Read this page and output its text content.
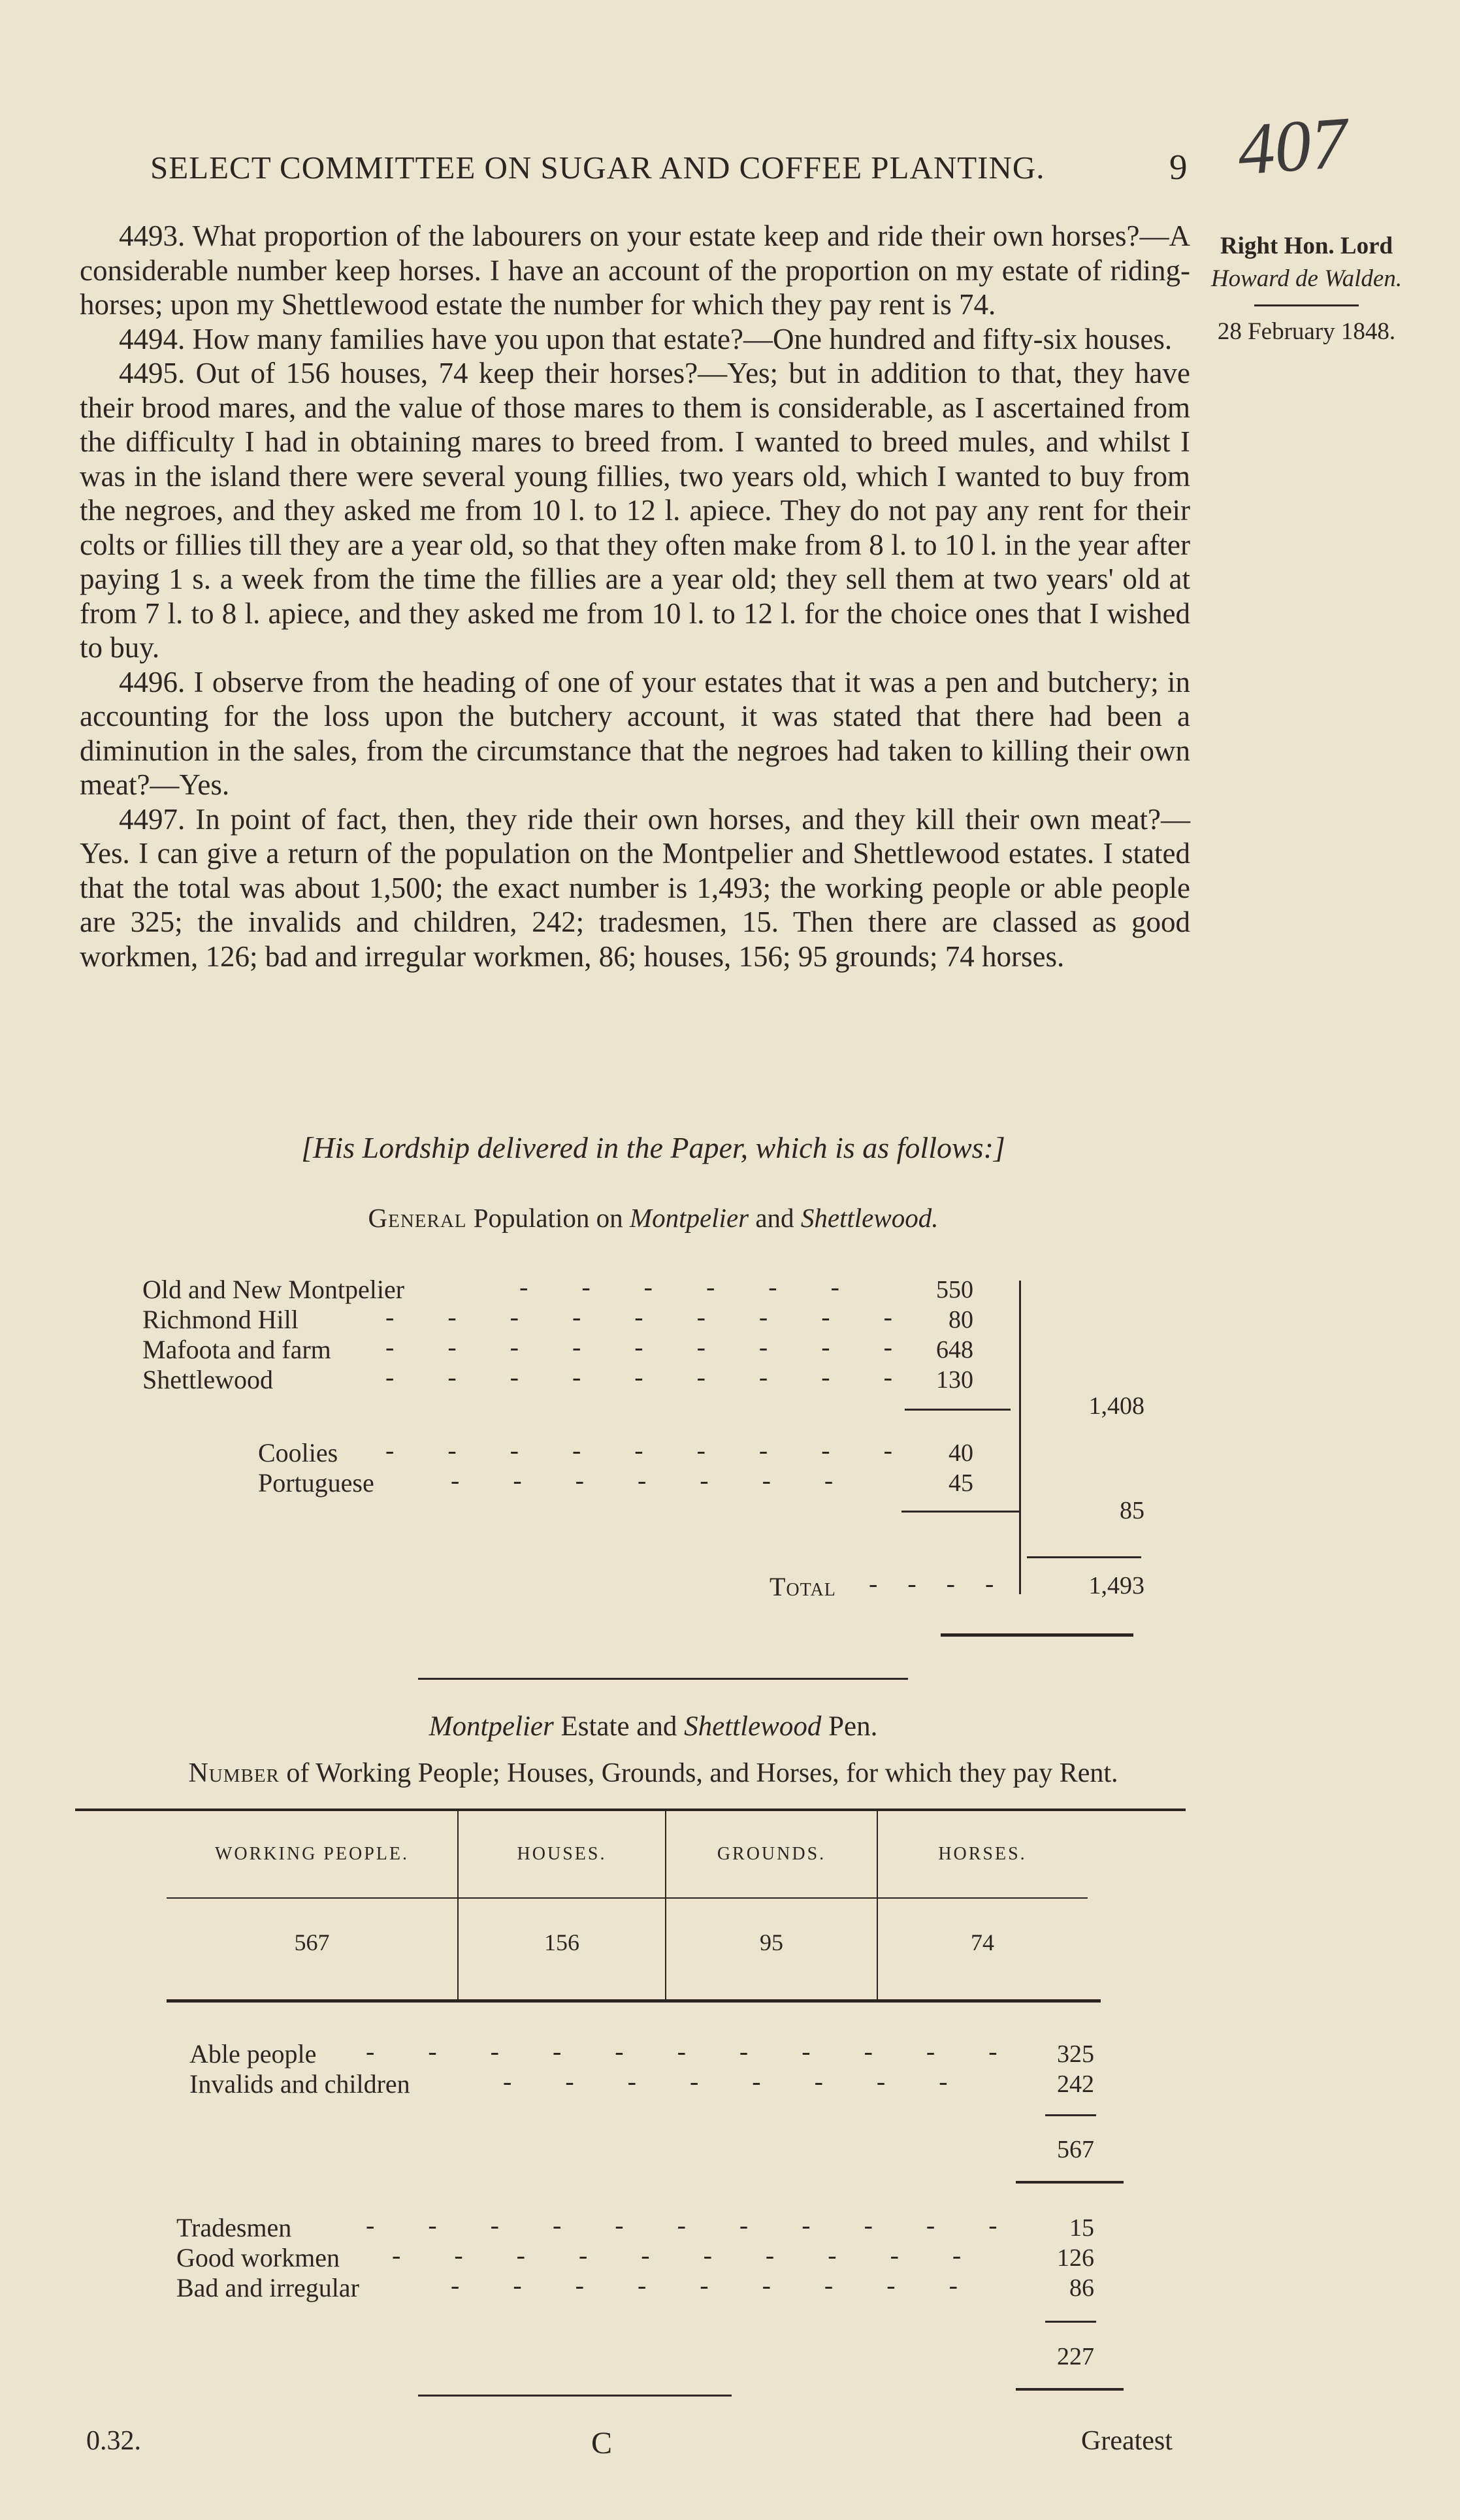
SELECT COMMITTEE ON SUGAR AND COFFEE PLANTING.	9 407
Right Hon. Lord
Howard de Walden.
28 February 1848.

4493. What proportion of the labourers on your estate keep and ride their own horses?—A considerable number keep horses. I have an account of the proportion on my estate of riding-horses; upon my Shettlewood estate the number for which they pay rent is 74.

4494. How many families have you upon that estate?—One hundred and fifty-six houses.

4495. Out of 156 houses, 74 keep their horses?—Yes; but in addition to that, they have their brood mares, and the value of those mares to them is considerable, as I ascertained from the difficulty I had in obtaining mares to breed from. I wanted to breed mules, and whilst I was in the island there were several young fillies, two years old, which I wanted to buy from the negroes, and they asked me from 10 l. to 12 l. apiece. They do not pay any rent for their colts or fillies till they are a year old, so that they often make from 8 l. to 10 l. in the year after paying 1 s. a week from the time the fillies are a year old; they sell them at two years' old at from 7 l. to 8 l. apiece, and they asked me from 10 l. to 12 l. for the choice ones that I wished to buy.

4496. I observe from the heading of one of your estates that it was a pen and butchery; in accounting for the loss upon the butchery account, it was stated that there had been a diminution in the sales, from the circumstance that the negroes had taken to killing their own meat?—Yes.

4497. In point of fact, then, they ride their own horses, and they kill their own meat?—Yes. I can give a return of the population on the Montpelier and Shettlewood estates. I stated that the total was about 1,500; the exact number is 1,493; the working people or able people are 325; the invalids and children, 242; tradesmen, 15. Then there are classed as good workmen, 126; bad and irregular workmen, 86; houses, 156; 95 grounds; 74 horses.

[His Lordship delivered in the Paper, which is as follows:]
General Population on Montpelier and Shettlewood.
Old and New Montpelier	- - - - - -	550
Richmond Hill	- - - - - - - - -	80
Mafoota and farm - - - - - - - - - 648
Shettlewood	- - - - - - - - - 130
1,408
Coolies - - - - - - - - -	40
Portuguese	- - - - - - -	45
85
Total - - - -	1,493
Montpelier Estate and Shettlewood Pen.
Number of Working People; Houses, Grounds, and Horses, for which they pay Rent.
WORKING PEOPLE.	HOUSES.	GROUNDS.	HORSES.
567	156	95	74
Able people - - - - - - - - - - -	325
Invalids and children	- - - - - - - -	242
567
Tradesmen	- - - - - - - - - - -	15
Good workmen - - - - - - - - - -	126
Bad and irregular	- - - - - - - - -	86
227
0.32.	C	Greatest
